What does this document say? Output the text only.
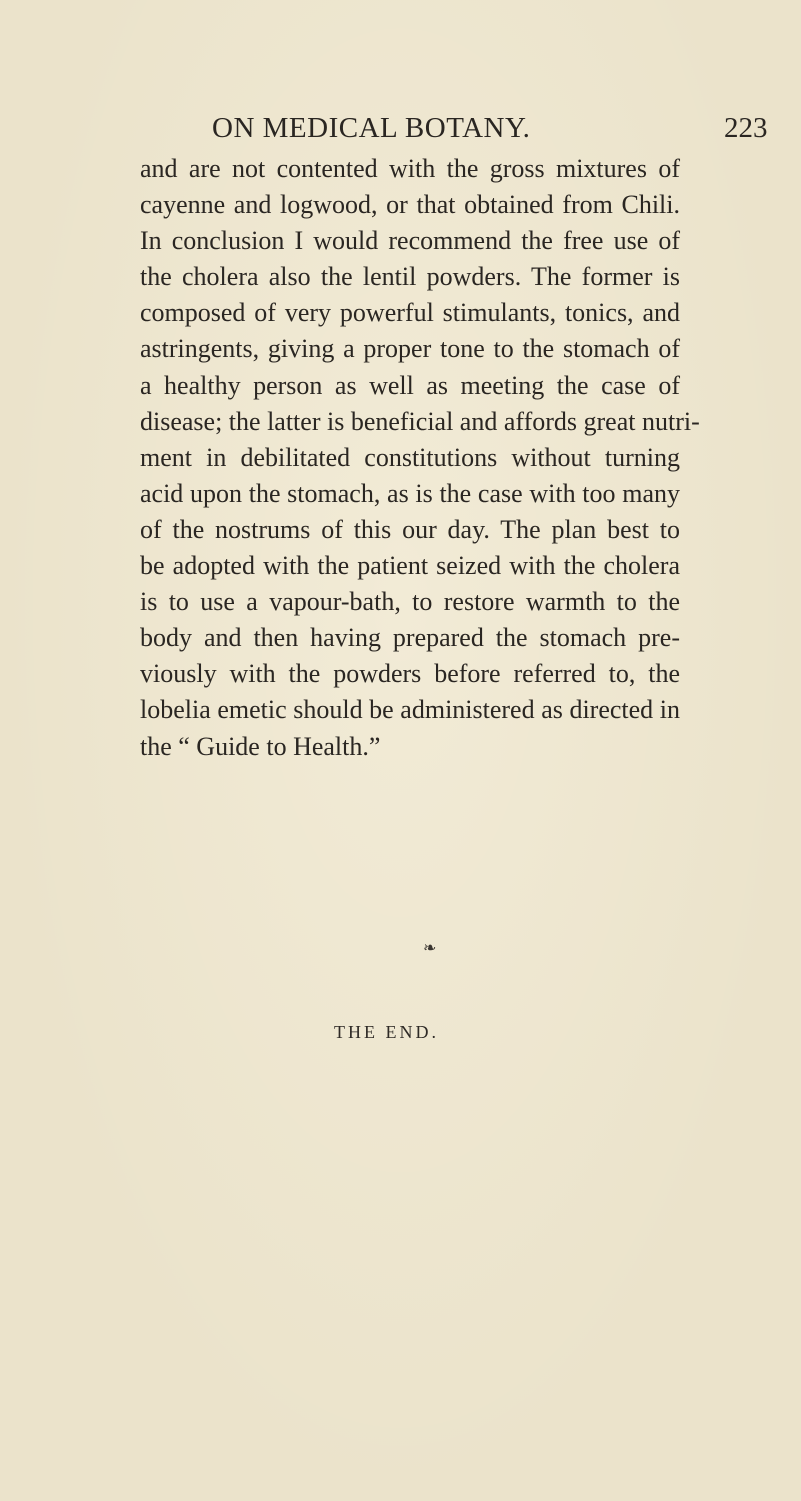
ON MEDICAL BOTANY.	223
and are not contented with the gross mixtures of
cayenne and logwood, or that obtained from Chili.
In conclusion I would recommend the free use of
the cholera also the lentil powders. The former is
composed of very powerful stimulants, tonics, and
astringents, giving a proper tone to the stomach of
a healthy person as well as meeting the case of
disease; the latter is beneficial and affords great nutri-
ment in debilitated constitutions without turning
acid upon the stomach, as is the case with too many
of the nostrums of this our day. The plan best to
be adopted with the patient seized with the cholera
is to use a vapour-bath, to restore warmth to the
body and then having prepared the stomach pre-
viously with the powders before referred to, the
lobelia emetic should be administered as directed in
the “ Guide to Health.”
❧
THE END.
